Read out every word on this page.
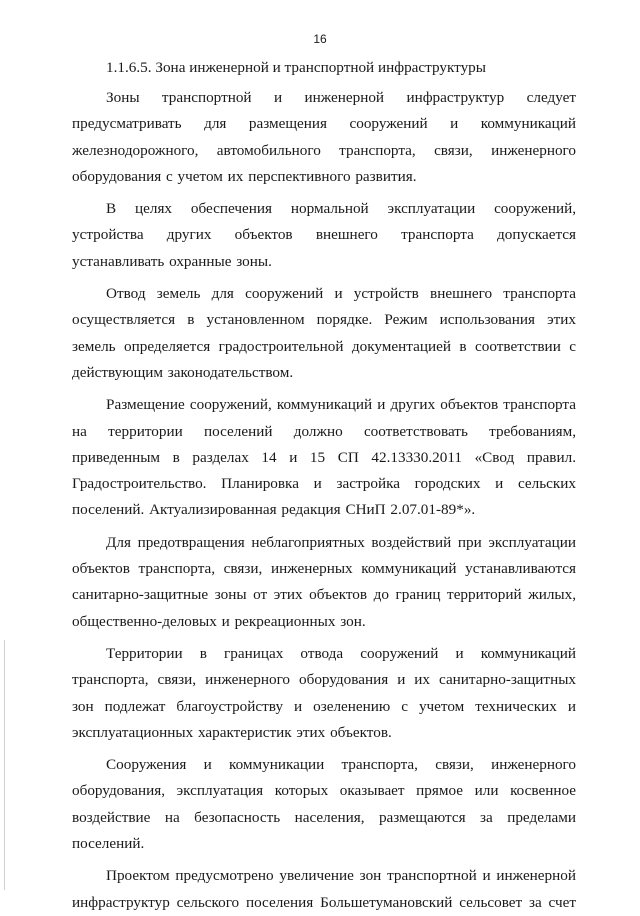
16
1.1.6.5. Зона инженерной и транспортной инфраструктуры

Зоны транспортной и инженерной инфраструктур следует предусматривать для размещения сооружений и коммуникаций железнодорожного, автомобильного транспорта, связи, инженерного оборудования с учетом их перспективного развития.

В целях обеспечения нормальной эксплуатации сооружений, устройства других объектов внешнего транспорта допускается устанавливать охранные зоны.

Отвод земель для сооружений и устройств внешнего транспорта осуществляется в установленном порядке. Режим использования этих земель определяется градостроительной документацией в соответствии с действующим законодательством.

Размещение сооружений, коммуникаций и других объектов транспорта на территории поселений должно соответствовать требованиям, приведенным в разделах 14 и 15 СП 42.13330.2011 «Свод правил. Градостроительство. Планировка и застройка городских и сельских поселений. Актуализированная редакция СНиП 2.07.01-89*».

Для предотвращения неблагоприятных воздействий при эксплуатации объектов транспорта, связи, инженерных коммуникаций устанавливаются санитарно-защитные зоны от этих объектов до границ территорий жилых, общественно-деловых и рекреационных зон.

Территории в границах отвода сооружений и коммуникаций транспорта, связи, инженерного оборудования и их санитарно-защитных зон подлежат благоустройству и озеленению с учетом технических и эксплуатационных характеристик этих объектов.

Сооружения и коммуникации транспорта, связи, инженерного оборудования, эксплуатация которых оказывает прямое или косвенное воздействие на безопасность населения, размещаются за пределами поселений.

Проектом предусмотрено увеличение зон транспортной и инженерной инфраструктур сельского поселения Большетумановский сельсовет за счет
